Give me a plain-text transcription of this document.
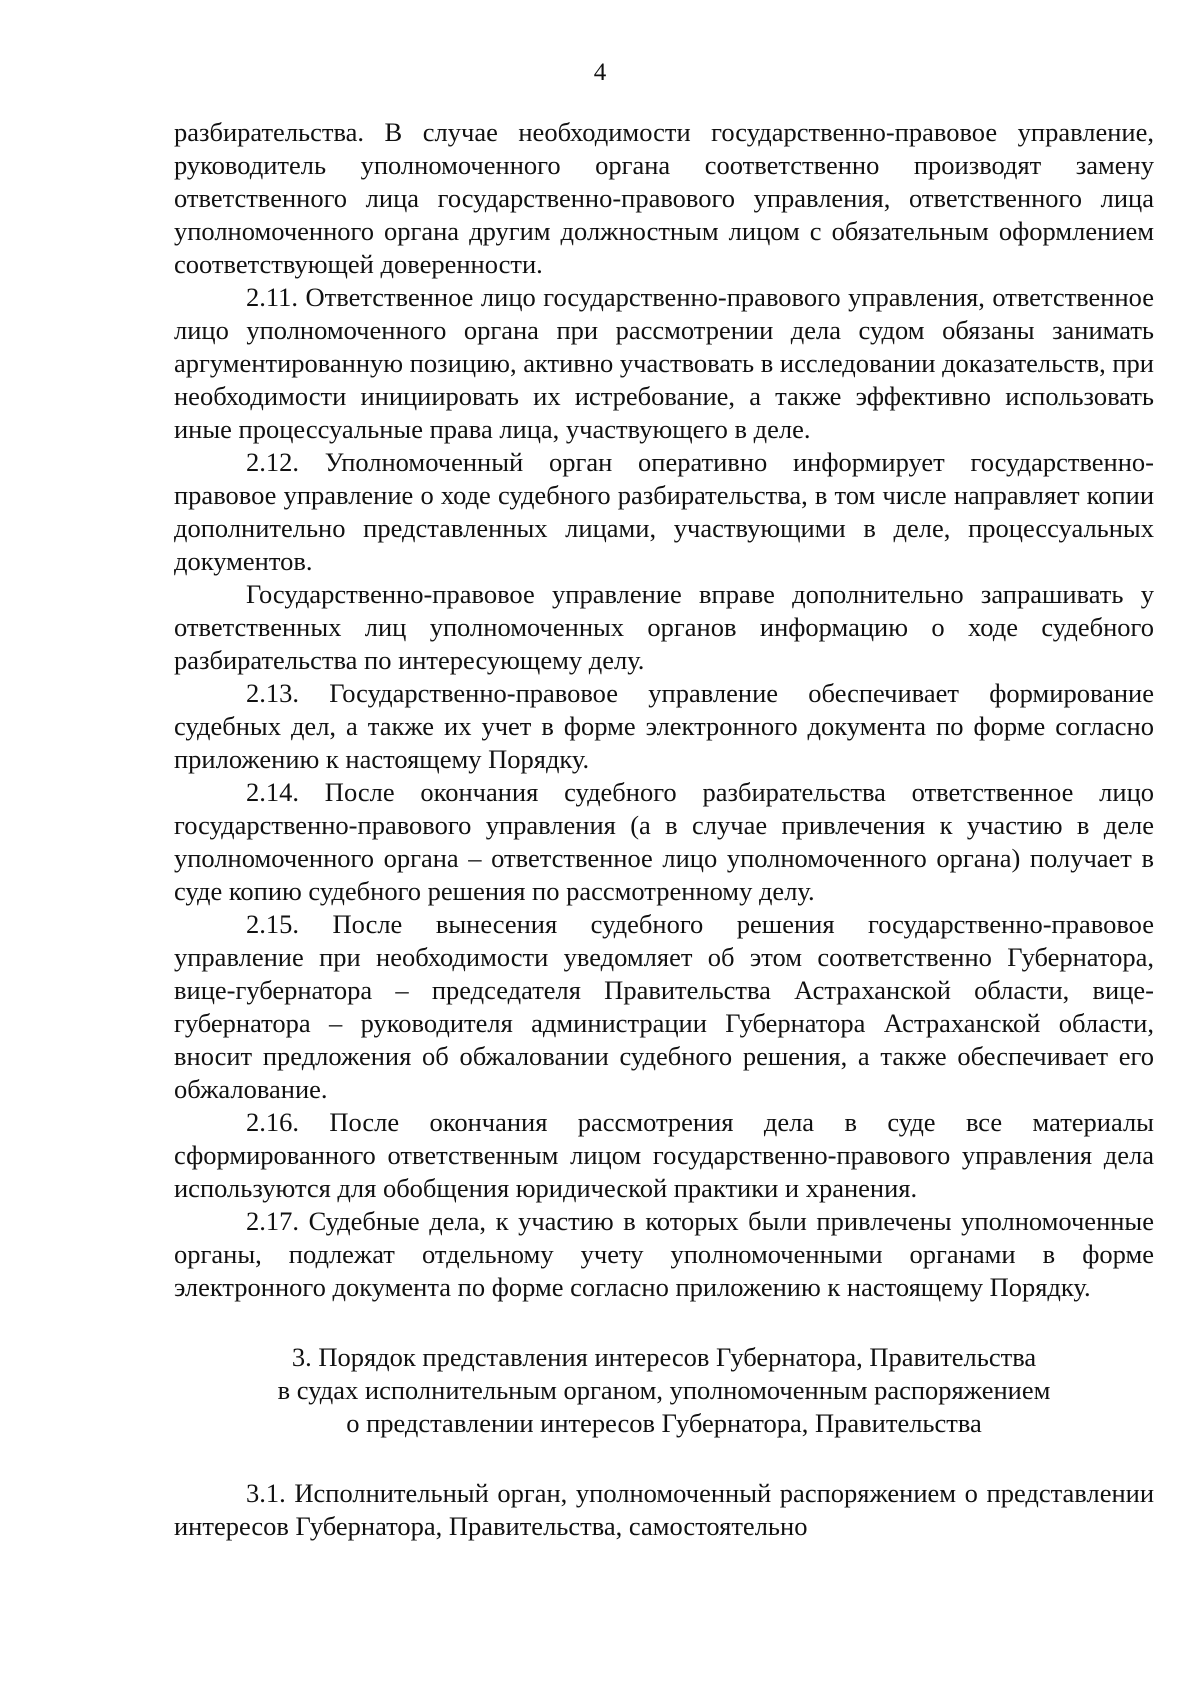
4

разбирательства. В случае необходимости государственно-правовое управление, руководитель уполномоченного органа соответственно производят замену ответственного лица государственно-правового управления, ответственного лица уполномоченного органа другим должностным лицом с обязательным оформлением соответствующей доверенности.

2.11. Ответственное лицо государственно-правового управления, ответственное лицо уполномоченного органа при рассмотрении дела судом обязаны занимать аргументированную позицию, активно участвовать в исследовании доказательств, при необходимости инициировать их истребование, а также эффективно использовать иные процессуальные права лица, участвующего в деле.

2.12. Уполномоченный орган оперативно информирует государственно-правовое управление о ходе судебного разбирательства, в том числе направляет копии дополнительно представленных лицами, участвующими в деле, процессуальных документов.

Государственно-правовое управление вправе дополнительно запрашивать у ответственных лиц уполномоченных органов информацию о ходе судебного разбирательства по интересующему делу.

2.13. Государственно-правовое управление обеспечивает формирование судебных дел, а также их учет в форме электронного документа по форме согласно приложению к настоящему Порядку.

2.14. После окончания судебного разбирательства ответственное лицо государственно-правового управления (а в случае привлечения к участию в деле уполномоченного органа – ответственное лицо уполномоченного органа) получает в суде копию судебного решения по рассмотренному делу.

2.15. После вынесения судебного решения государственно-правовое управление при необходимости уведомляет об этом соответственно Губернатора, вице-губернатора – председателя Правительства Астраханской области, вице-губернатора – руководителя администрации Губернатора Астраханской области, вносит предложения об обжаловании судебного решения, а также обеспечивает его обжалование.

2.16. После окончания рассмотрения дела в суде все материалы сформированного ответственным лицом государственно-правового управления дела используются для обобщения юридической практики и хранения.

2.17. Судебные дела, к участию в которых были привлечены уполномоченные органы, подлежат отдельному учету уполномоченными органами в форме электронного документа по форме согласно приложению к настоящему Порядку.

3. Порядок представления интересов Губернатора, Правительства
в судах исполнительным органом, уполномоченным распоряжением
о представлении интересов Губернатора, Правительства

3.1. Исполнительный орган, уполномоченный распоряжением о представлении интересов Губернатора, Правительства, самостоятельно
